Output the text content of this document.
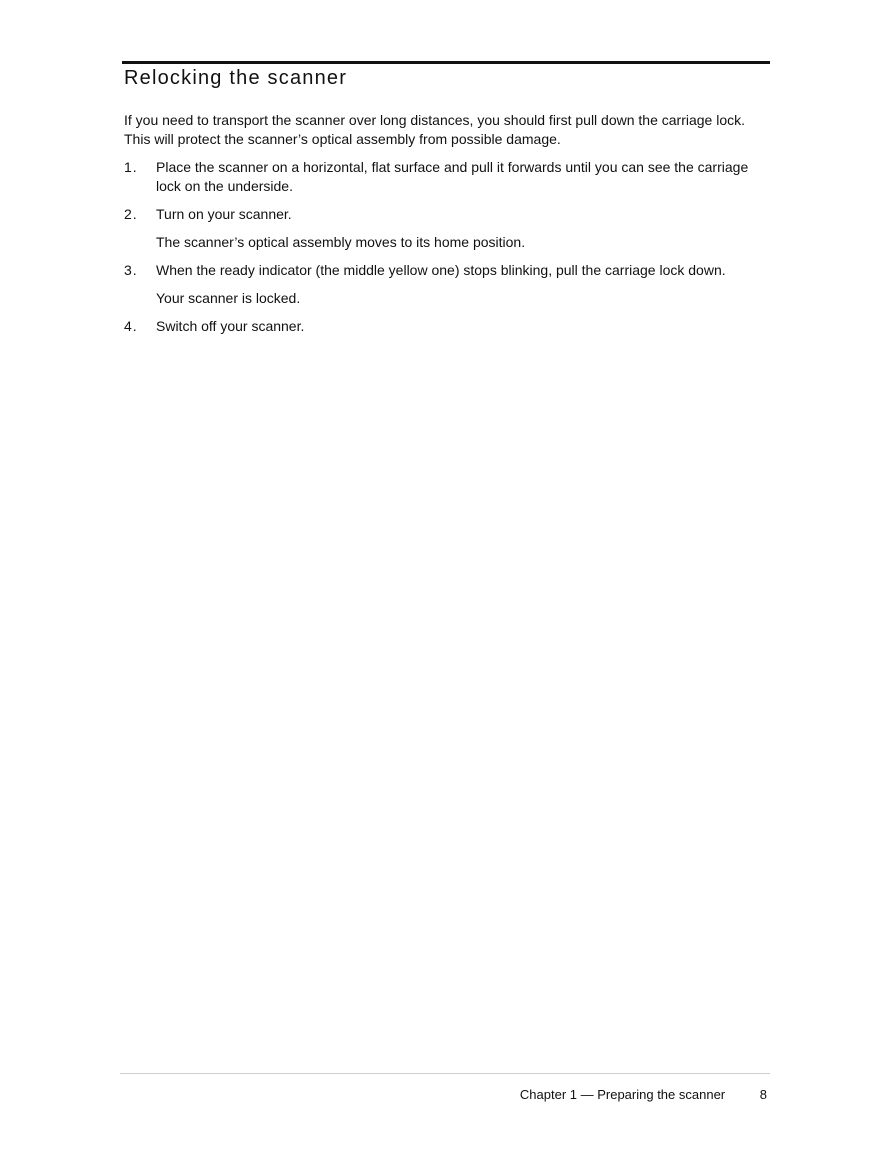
Relocking the scanner

If you need to transport the scanner over long distances, you should first pull down the carriage lock. This will protect the scanner’s optical assembly from possible damage.

1. Place the scanner on a horizontal, flat surface and pull it forwards until you can see the carriage lock on the underside.
2. Turn on your scanner.
The scanner’s optical assembly moves to its home position.
3. When the ready indicator (the middle yellow one) stops blinking, pull the carriage lock down.
Your scanner is locked.
4. Switch off your scanner.
Chapter 1 — Preparing the scanner	8
